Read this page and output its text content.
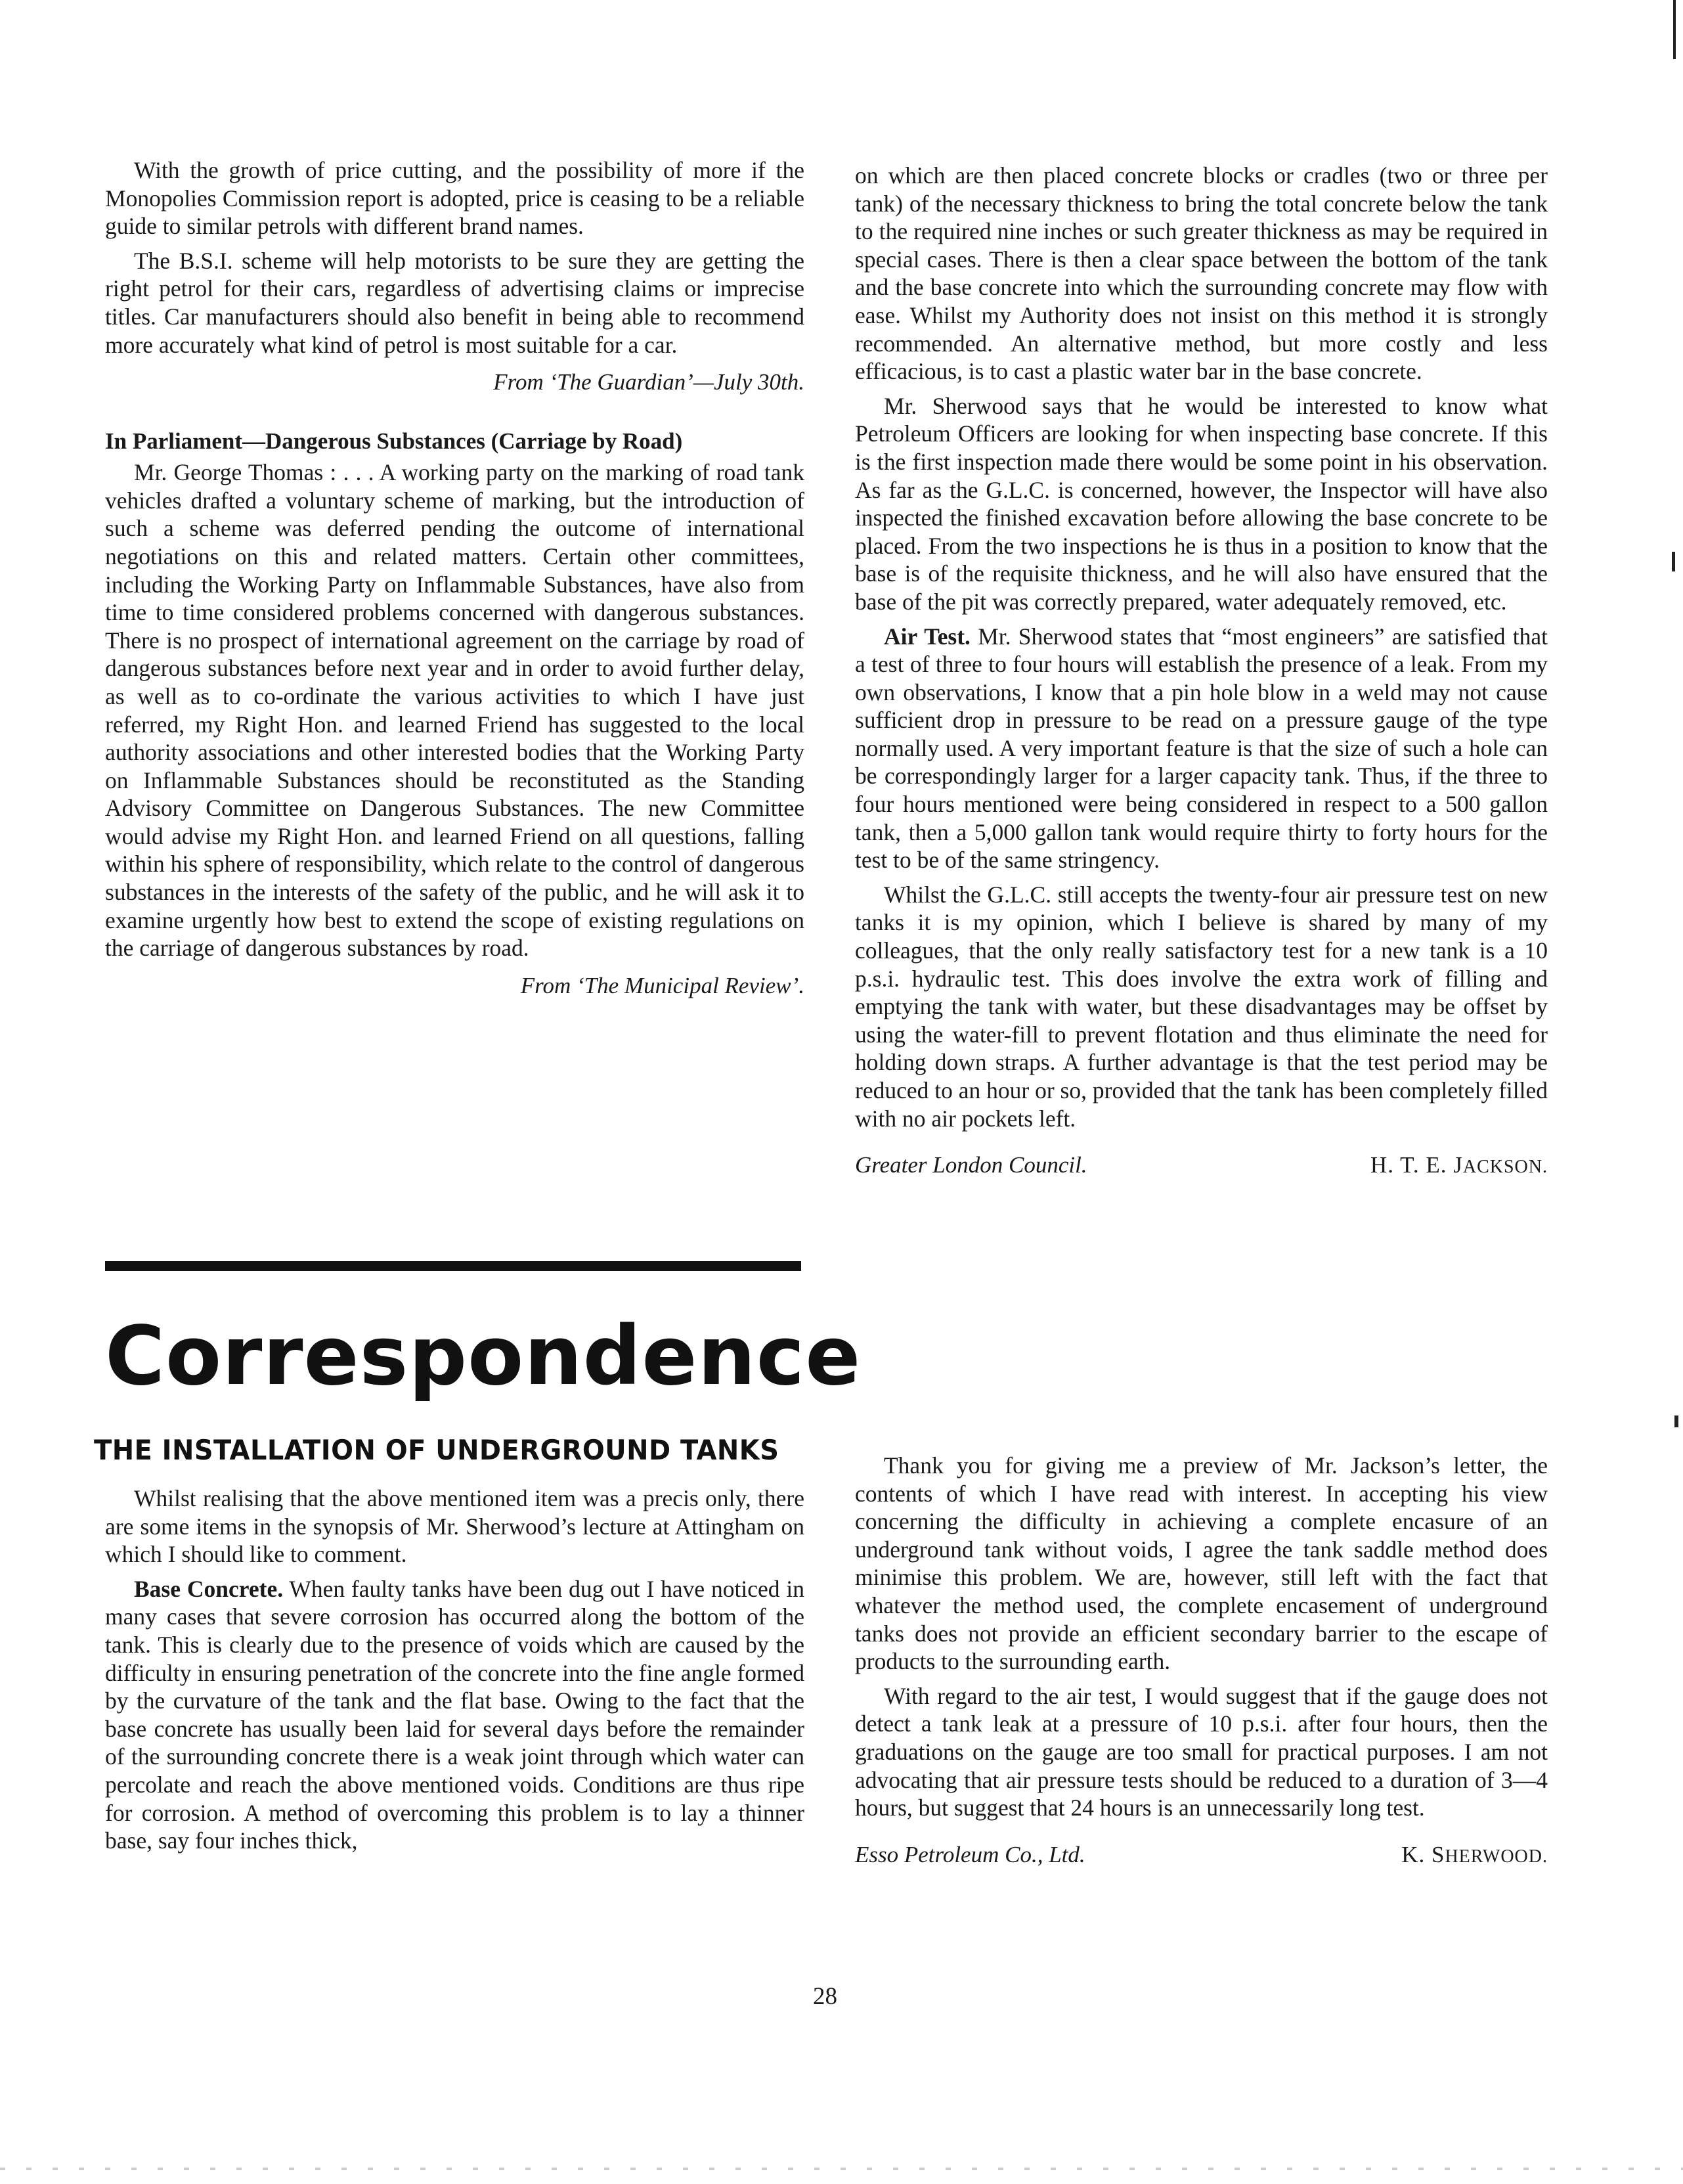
With the growth of price cutting, and the possibility of more if the Monopolies Commission report is adopted, price is ceasing to be a reliable guide to similar petrols with different brand names.

The B.S.I. scheme will help motorists to be sure they are getting the right petrol for their cars, regardless of advertising claims or imprecise titles. Car manufacturers should also benefit in being able to recommend more accurately what kind of petrol is most suitable for a car.

From ‘The Guardian’—July 30th.
In Parliament—Dangerous Substances (Carriage by Road)

Mr. George Thomas : . . . A working party on the marking of road tank vehicles drafted a voluntary scheme of marking, but the introduction of such a scheme was deferred pending the outcome of international negotiations on this and related matters. Certain other committees, including the Working Party on Inflammable Substances, have also from time to time considered problems concerned with dangerous substances. There is no prospect of international agreement on the carriage by road of dangerous substances before next year and in order to avoid further delay, as well as to co-ordinate the various activities to which I have just referred, my Right Hon. and learned Friend has suggested to the local authority associations and other interested bodies that the Working Party on Inflammable Substances should be reconstituted as the Standing Advisory Committee on Dangerous Substances. The new Committee would advise my Right Hon. and learned Friend on all questions, falling within his sphere of responsibility, which relate to the control of dangerous substances in the interests of the safety of the public, and he will ask it to examine urgently how best to extend the scope of existing regulations on the carriage of dangerous substances by road.

From ‘The Municipal Review’.
Correspondence
THE INSTALLATION OF UNDERGROUND TANKS

Whilst realising that the above mentioned item was a precis only, there are some items in the synopsis of Mr. Sherwood’s lecture at Attingham on which I should like to comment.

Base Concrete. When faulty tanks have been dug out I have noticed in many cases that severe corrosion has occurred along the bottom of the tank. This is clearly due to the presence of voids which are caused by the difficulty in ensuring penetration of the concrete into the fine angle formed by the curvature of the tank and the flat base. Owing to the fact that the base concrete has usually been laid for several days before the remainder of the surrounding concrete there is a weak joint through which water can percolate and reach the above mentioned voids. Conditions are thus ripe for corrosion. A method of overcoming this problem is to lay a thinner base, say four inches thick,

on which are then placed concrete blocks or cradles (two or three per tank) of the necessary thickness to bring the total concrete below the tank to the required nine inches or such greater thickness as may be required in special cases. There is then a clear space between the bottom of the tank and the base concrete into which the surrounding concrete may flow with ease. Whilst my Authority does not insist on this method it is strongly recommended. An alternative method, but more costly and less efficacious, is to cast a plastic water bar in the base concrete.

Mr. Sherwood says that he would be interested to know what Petroleum Officers are looking for when inspecting base concrete. If this is the first inspection made there would be some point in his observation. As far as the G.L.C. is concerned, however, the Inspector will have also inspected the finished excavation before allowing the base concrete to be placed. From the two inspections he is thus in a position to know that the base is of the requisite thickness, and he will also have ensured that the base of the pit was correctly prepared, water adequately removed, etc.

Air Test. Mr. Sherwood states that “most engineers” are satisfied that a test of three to four hours will establish the presence of a leak. From my own observations, I know that a pin hole blow in a weld may not cause sufficient drop in pressure to be read on a pressure gauge of the type normally used. A very important feature is that the size of such a hole can be correspondingly larger for a larger capacity tank. Thus, if the three to four hours mentioned were being considered in respect to a 500 gallon tank, then a 5,000 gallon tank would require thirty to forty hours for the test to be of the same stringency.

Whilst the G.L.C. still accepts the twenty-four air pressure test on new tanks it is my opinion, which I believe is shared by many of my colleagues, that the only really satisfactory test for a new tank is a 10 p.s.i. hydraulic test. This does involve the extra work of filling and emptying the tank with water, but these disadvantages may be offset by using the water-fill to prevent flotation and thus eliminate the need for holding down straps. A further advantage is that the test period may be reduced to an hour or so, provided that the tank has been completely filled with no air pockets left.

Greater London Council.	H. T. E. JACKSON.

Thank you for giving me a preview of Mr. Jackson’s letter, the contents of which I have read with interest. In accepting his view concerning the difficulty in achieving a complete encasure of an underground tank without voids, I agree the tank saddle method does minimise this problem. We are, however, still left with the fact that whatever the method used, the complete encasement of underground tanks does not provide an efficient secondary barrier to the escape of products to the surrounding earth.

With regard to the air test, I would suggest that if the gauge does not detect a tank leak at a pressure of 10 p.s.i. after four hours, then the graduations on the gauge are too small for practical purposes. I am not advocating that air pressure tests should be reduced to a duration of 3—4 hours, but suggest that 24 hours is an unnecessarily long test.

Esso Petroleum Co., Ltd.	K. SHERWOOD.
28
